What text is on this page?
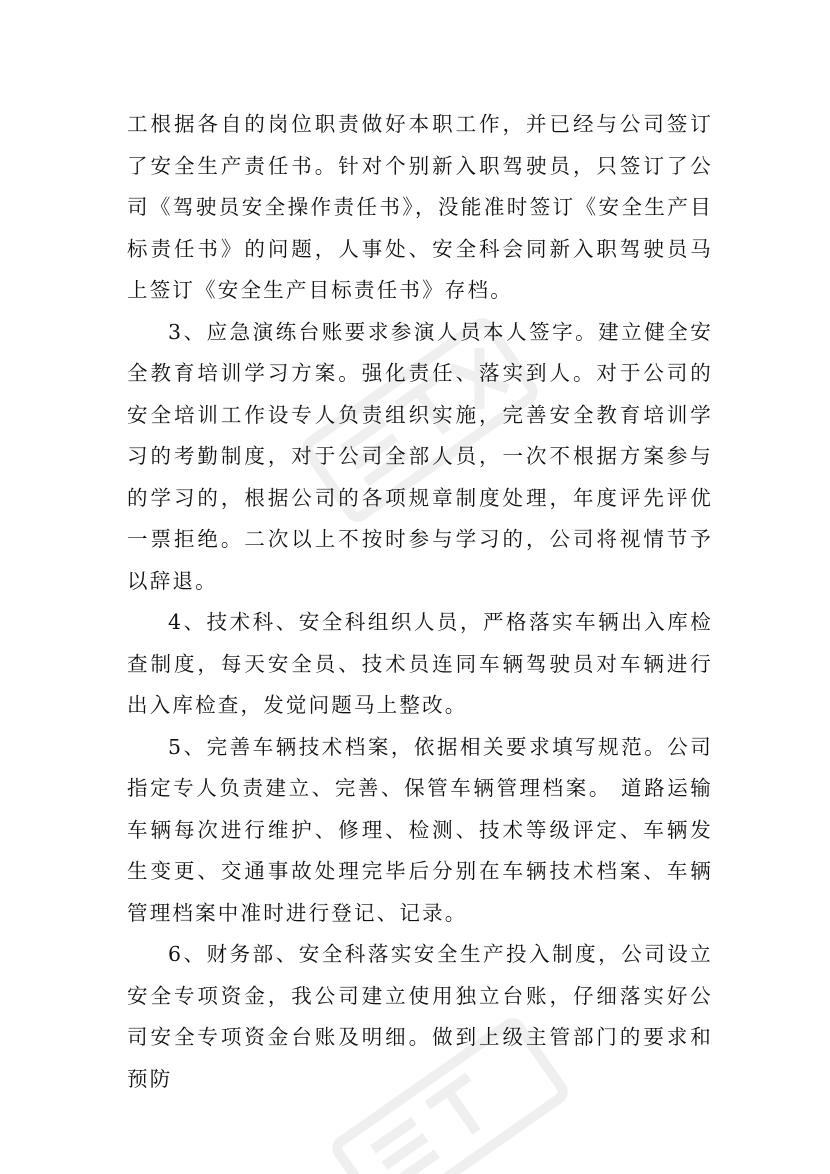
工根据各自的岗位职责做好本职工作，并已经与公司签订了安全生产责任书。针对个别新入职驾驶员，只签订了公司《驾驶员安全操作责任书》，没能准时签订《安全生产目标责任书》的问题，人事处、安全科会同新入职驾驶员马上签订《安全生产目标责任书》存档。

3、应急演练台账要求参演人员本人签字。建立健全安全教育培训学习方案。强化责任、落实到人。对于公司的安全培训工作设专人负责组织实施，完善安全教育培训学习的考勤制度，对于公司全部人员，一次不根据方案参与的学习的，根据公司的各项规章制度处理，年度评先评优一票拒绝。二次以上不按时参与学习的，公司将视情节予以辞退。

4、技术科、安全科组织人员，严格落实车辆出入库检查制度，每天安全员、技术员连同车辆驾驶员对车辆进行出入库检查，发觉问题马上整改。

5、完善车辆技术档案，依据相关要求填写规范。公司指定专人负责建立、完善、保管车辆管理档案。 道路运输车辆每次进行维护、修理、检测、技术等级评定、车辆发生变更、交通事故处理完毕后分别在车辆技术档案、车辆管理档案中准时进行登记、记录。

6、财务部、安全科落实安全生产投入制度，公司设立安全专项资金，我公司建立使用独立台账，仔细落实好公司安全专项资金台账及明细。做到上级主管部门的要求和预防
